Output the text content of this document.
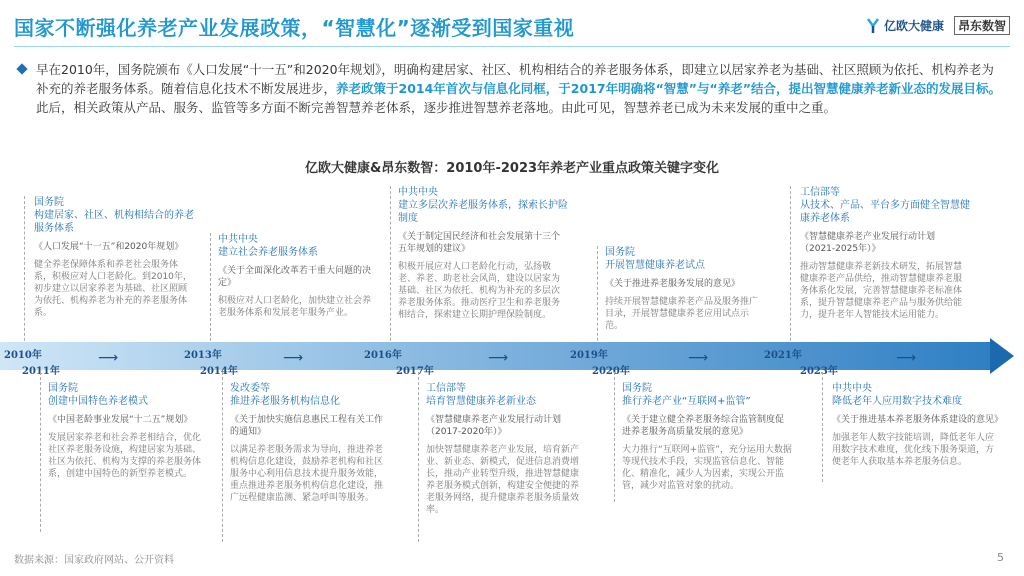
国家不断强化养老产业发展政策，“智慧化”逐渐受到国家重视	亿欧大健康	昂东数智
早在2010年，国务院颁布《人口发展“十一五”和2020年规划》，明确构建居家、社区、机构相结合的养老服务体系，即建立以居家养老为基础、社区照顾为依托、机构养老为补充的养老服务体系。随着信息化技术不断发展进步，养老政策于2014年首次与信息化同框，于2017年明确将“智慧”与“养老”结合，提出智慧健康养老新业态的发展目标。此后，相关政策从产品、服务、监管等多方面不断完善智慧养老体系，逐步推进智慧养老落地。由此可见，智慧养老已成为未来发展的重中之重。
亿欧大健康&昂东数智：2010年-2023年养老产业重点政策关键字变化
国务院
构建居家、社区、机构相结合的养老服务体系
《人口发展“十一五”和2020年规划》
健全养老保障体系和养老社会服务体系，积极应对人口老龄化。到2010年，初步建立以居家养老为基础、社区照顾为依托、机构养老为补充的养老服务体系。
中共中央
建立社会养老服务体系
《关于全面深化改革若干重大问题的决定》
积极应对人口老龄化，加快建立社会养老服务体系和发展老年服务产业。
中共中央
建立多层次养老服务体系，探索长护险制度
《关于制定国民经济和社会发展第十三个五年规划的建议》
积极开展应对人口老龄化行动，弘扬敬老、养老、助老社会风尚，建设以居家为基础、社区为依托、机构为补充的多层次养老服务体系。推动医疗卫生和养老服务相结合，探索建立长期护理保险制度。
国务院
开展智慧健康养老试点
《关于推进养老服务发展的意见》
持续开展智慧健康养老产品及服务推广目录，开展智慧健康养老应用试点示范。
工信部等
从技术、产品、平台多方面健全智慧健康养老体系
《智慧健康养老产业发展行动计划（2021-2025年）》
推动智慧健康养老新技术研发，拓展智慧健康养老产品供给，推动智慧健康养老服务体系化发展，完善智慧健康养老标准体系，提升智慧健康养老产品与服务供给能力，提升老年人智能技术运用能力。
2010年
2011年
⟶	2013年
2014年
⟶	2016年
2017年
⟶	2019年
2020年
⟶	2021年
2023年
⟶
国务院
创建中国特色养老模式
《中国老龄事业发展“十二五”规划》
发展居家养老和社会养老相结合，优化社区养老服务设施，构建居家为基础、社区为依托、机构为支撑的养老服务体系，创建中国特色的新型养老模式。
发改委等
推进养老服务机构信息化
《关于加快实施信息惠民工程有关工作的通知》
以满足养老服务需求为导向，推进养老机构信息化建设，鼓励养老机构和社区服务中心利用信息技术提升服务效能，重点推进养老服务机构信息化建设，推广远程健康监测、紧急呼叫等服务。
工信部等
培育智慧健康养老新业态
《智慧健康养老产业发展行动计划（2017-2020年）》
加快智慧健康养老产业发展，培育新产业、新业态、新模式，促进信息消费增长，推动产业转型升级，推进智慧健康养老服务模式创新，构建安全便捷的养老服务网络，提升健康养老服务质量效率。
国务院
推行养老产业“互联网+监管”
《关于建立健全养老服务综合监管制度促进养老服务高质量发展的意见》
大力推行“互联网+监管”，充分运用大数据等现代技术手段，实现监管信息化、智能化、精准化，减少人为因素，实现公开监管，减少对监管对象的扰动。
中共中央
降低老年人应用数字技术难度
《关于推进基本养老服务体系建设的意见》
加强老年人数字技能培训，降低老年人应用数字技术难度，优化线下服务渠道，方便老年人获取基本养老服务信息。
数据来源：国家政府网站、公开资料	5
